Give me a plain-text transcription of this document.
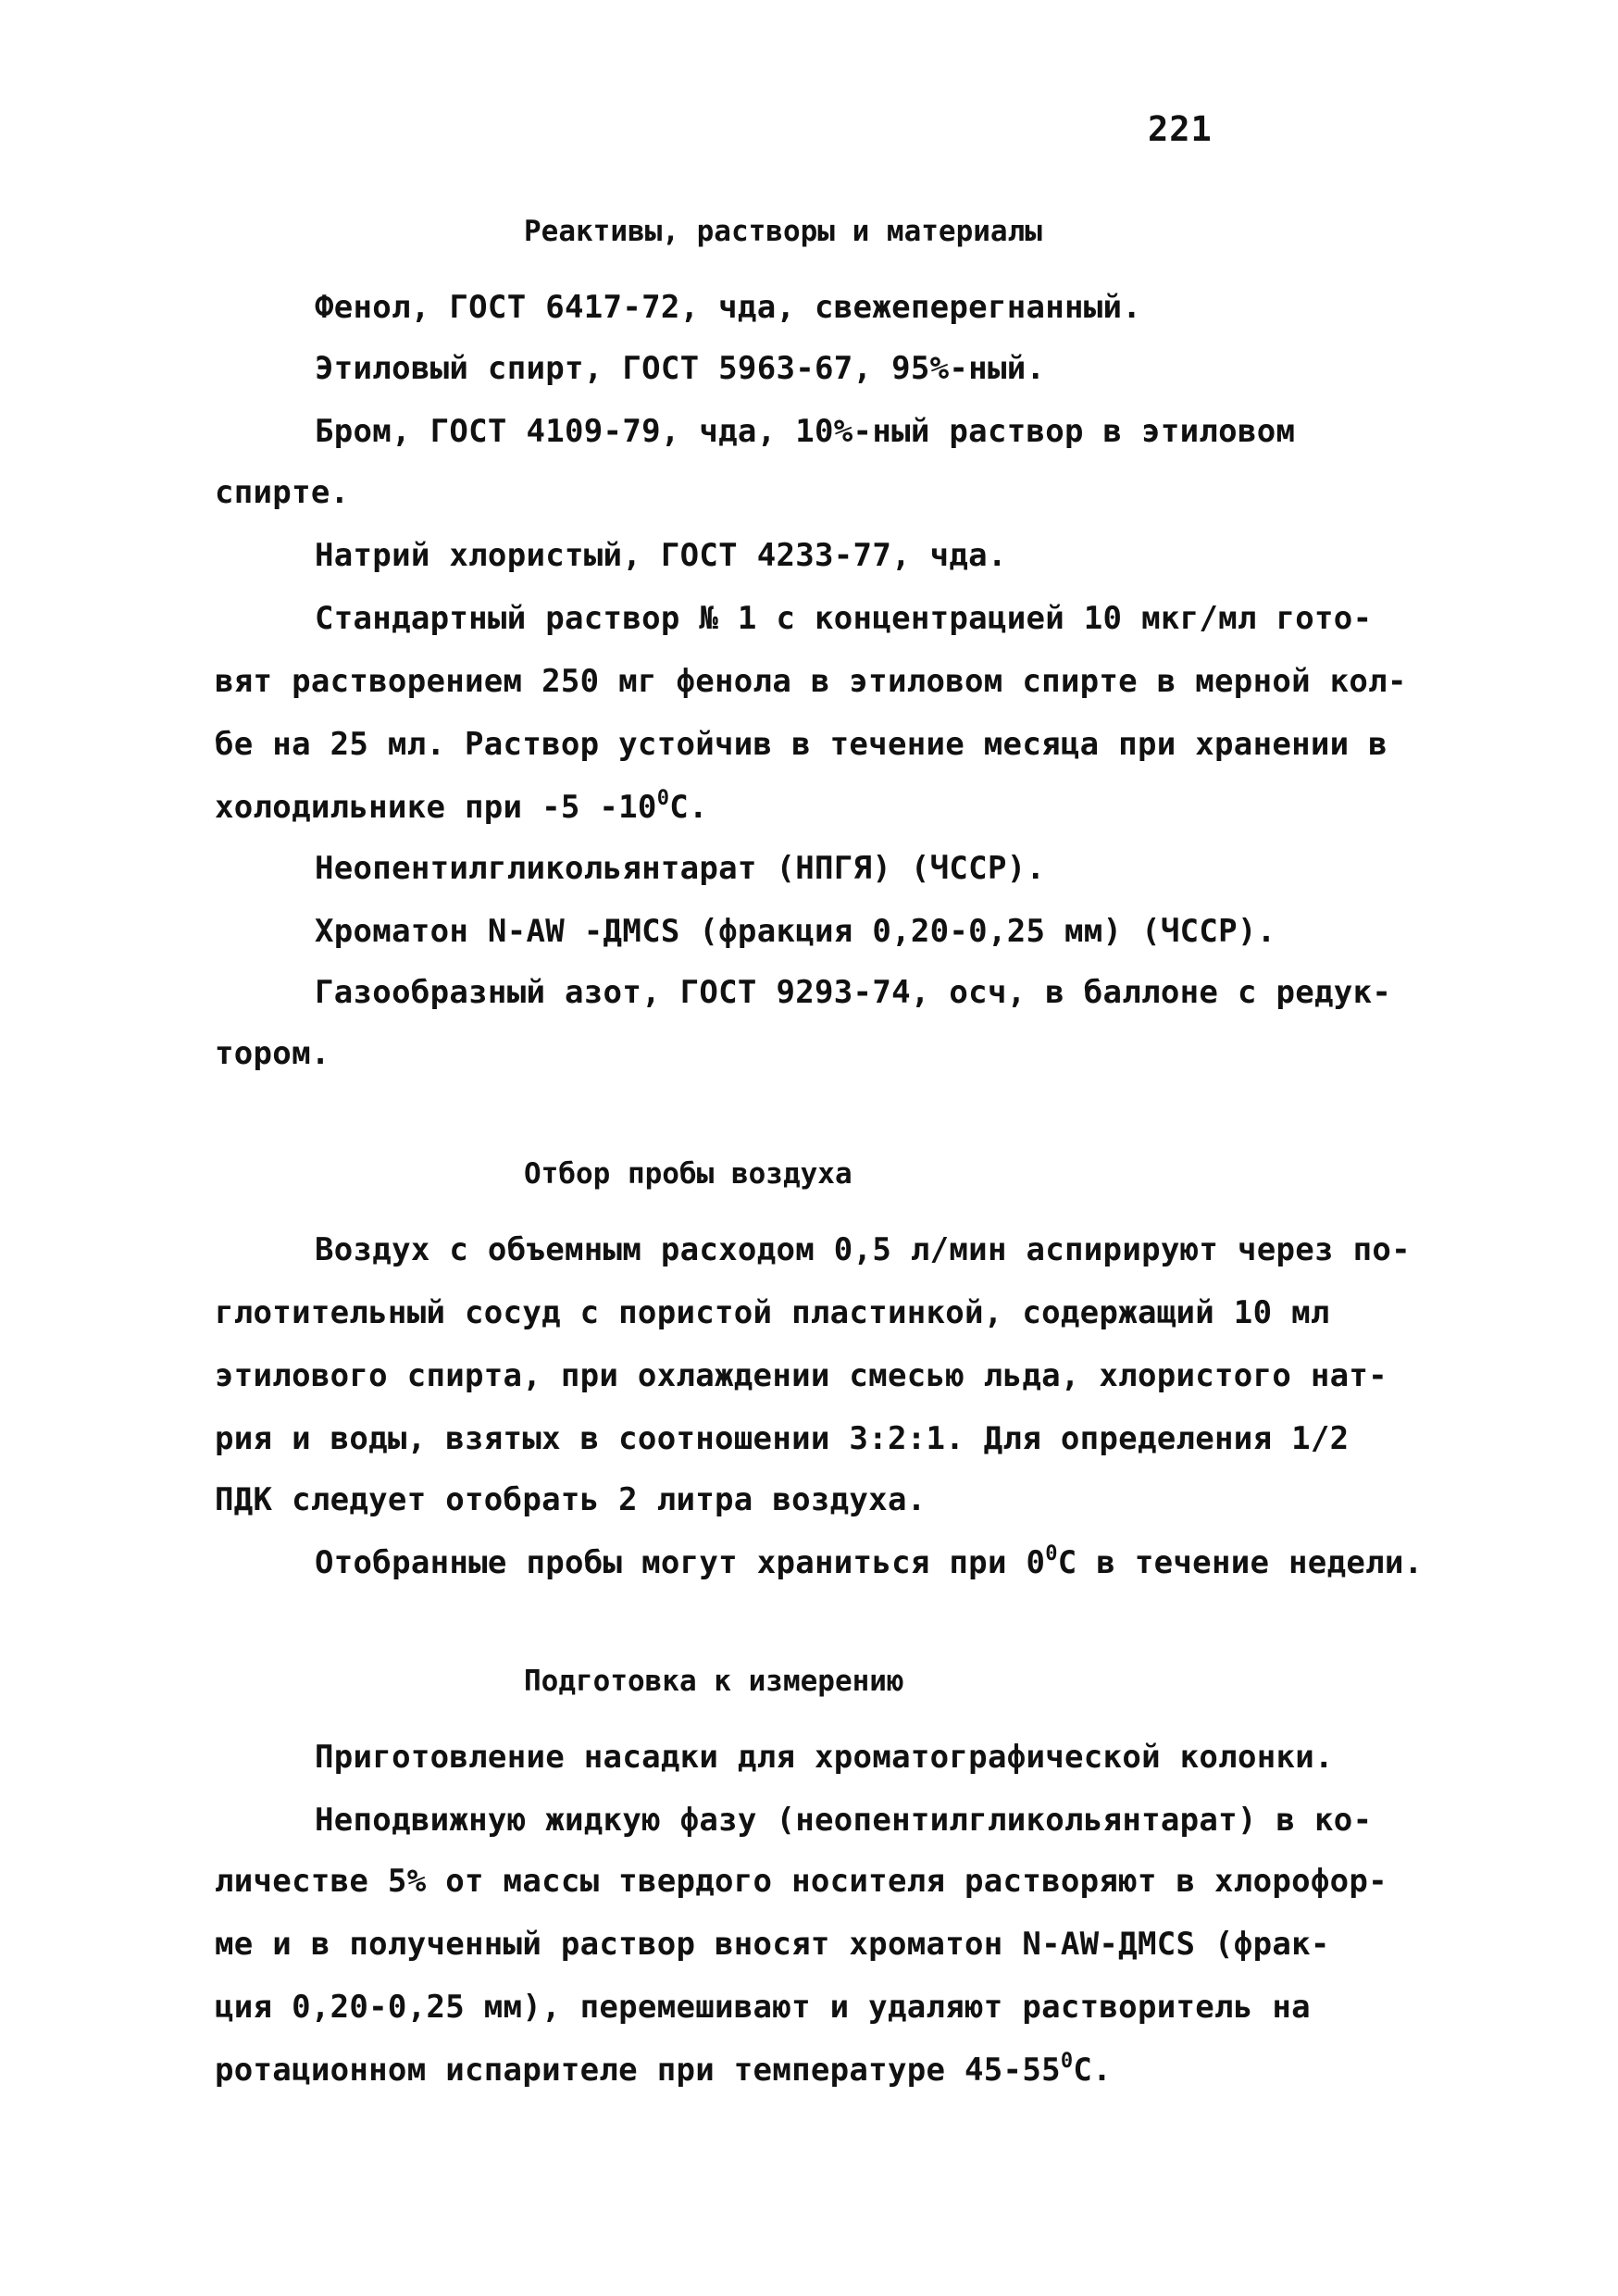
221
Реактивы, растворы и материалы
Фенол, ГОСТ 6417-72, чда, свежеперегнанный.
Этиловый спирт, ГОСТ 5963-67, 95%-ный.
Бром, ГОСТ 4109-79, чда, 10%-ный раствор в этиловом
спирте.
Натрий хлористый, ГОСТ 4233-77, чда.
Стандартный раствор № 1 с концентрацией 10 мкг/мл гото-
вят растворением 250 мг фенола в этиловом спирте в мерной кол-
бе на 25 мл. Раствор устойчив в течение месяца при хранении в
холодильнике при -5 $-10^0С$.
Неопентилгликольянтарат (НПГЯ) (ЧССР).
Хроматон N-AW -ДМСS (фракция 0,20-0,25 мм) (ЧССР).
Газообразный азот, ГОСТ 9293-74, осч, в баллоне с редук-
тором.
Отбор пробы воздуха
Воздух с объемным расходом 0,5 л/мин аспирируют через по-
глотительный сосуд с пористой пластинкой, содержащий 10 мл
этилового спирта, при охлаждении смесью льда, хлористого нат-
рия и воды, взятых в соотношении 3:2:1. Для определения 1/2
ПДК следует отобрать 2 литра воздуха.
Отобранные пробы могут храниться при $0^0С$ в течение недели.
Подготовка к измерению
Приготовление насадки для хроматографической колонки.
Неподвижную жидкую фазу (неопентилгликольянтарат) в ко-
личестве 5% от массы твердого носителя растворяют в хлорофор-
ме и в полученный раствор вносят хроматон N-AW-ДМСS (фрак-
ция 0,20-0,25 мм), перемешивают и удаляют растворитель на
ротационном испарителе при температуре $45-55^0С$.
